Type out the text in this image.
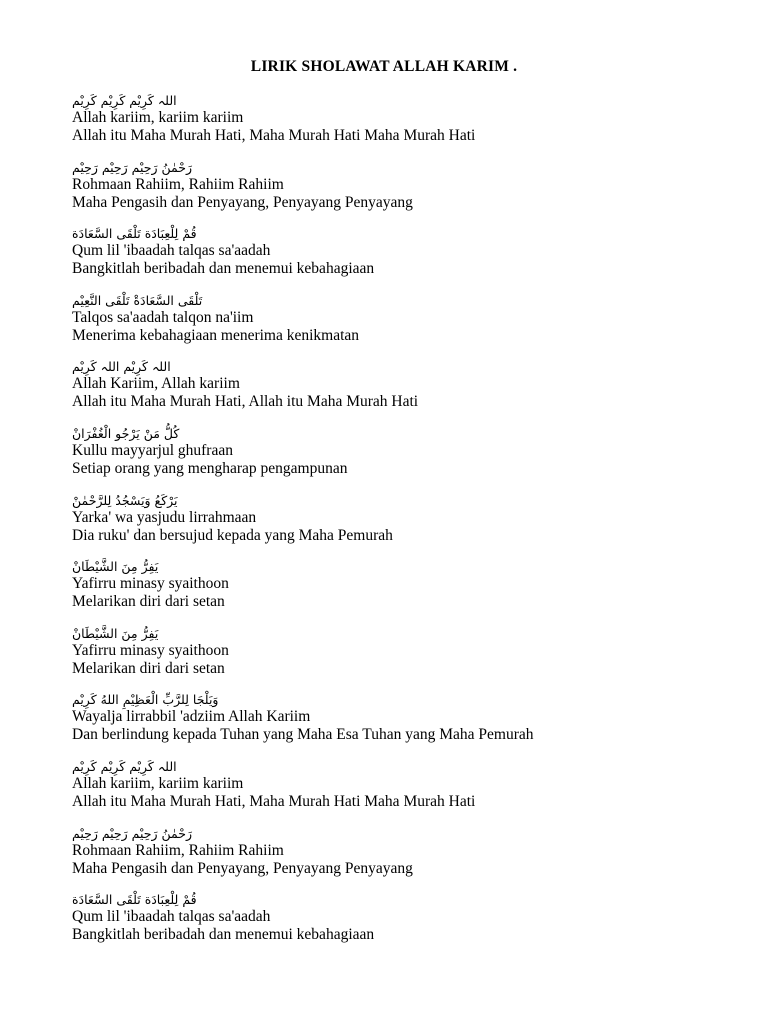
LIRIK SHOLAWAT ALLAH KARIM .
اللہ كَرِيْم كَرِيْم كَرِيْم
Allah kariim, kariim kariim
Allah itu Maha Murah Hati, Maha Murah Hati Maha Murah Hati
رَحْمٰنُ رَحِيْم رَحِيْم رَحِيْم
Rohmaan Rahiim, Rahiim Rahiim
Maha Pengasih dan Penyayang, Penyayang Penyayang
قُمْ لِلْعِبَادَة تَلْقَى السَّعَادَة
Qum lil 'ibaadah talqas sa'aadah
Bangkitlah beribadah dan menemui kebahagiaan
تَلْقَى السَّعَادَةْ تَلْقَى النَّعِيْم
Talqos sa'aadah talqon na'iim
Menerima kebahagiaan menerima kenikmatan
اللہ كَرِيْم اللہ كَرِيْم
Allah Kariim, Allah kariim
Allah itu Maha Murah Hati, Allah itu Maha Murah Hati
كُلُّ مَنْ يَرْجُو الْغُفْرَانْ
Kullu mayyarjul ghufraan
Setiap orang yang mengharap pengampunan
يَرْكَعُ وَيَسْجُدُ لِلرَّحْمٰنْ
Yarka' wa yasjudu lirrahmaan
Dia ruku' dan bersujud kepada yang Maha Pemurah
يَفِرُّ مِنَ الشَّيْطَانْ
Yafirru minasy syaithoon
Melarikan diri dari setan
يَفِرُّ مِنَ الشَّيْطَانْ
Yafirru minasy syaithoon
Melarikan diri dari setan
وَيَلْجَا لِلرَّبِّ الْعَظِيْمِ اللهُ كَرِيْم
Wayalja lirrabbil 'adziim Allah Kariim
Dan berlindung kepada Tuhan yang Maha Esa Tuhan yang Maha Pemurah
اللہ كَرِيْم كَرِيْم كَرِيْم
Allah kariim, kariim kariim
Allah itu Maha Murah Hati, Maha Murah Hati Maha Murah Hati
رَحْمٰنُ رَحِيْم رَحِيْم رَحِيْم
Rohmaan Rahiim, Rahiim Rahiim
Maha Pengasih dan Penyayang, Penyayang Penyayang
قُمْ لِلْعِبَادَة تَلْقَى السَّعَادَة
Qum lil 'ibaadah talqas sa'aadah
Bangkitlah beribadah dan menemui kebahagiaan
